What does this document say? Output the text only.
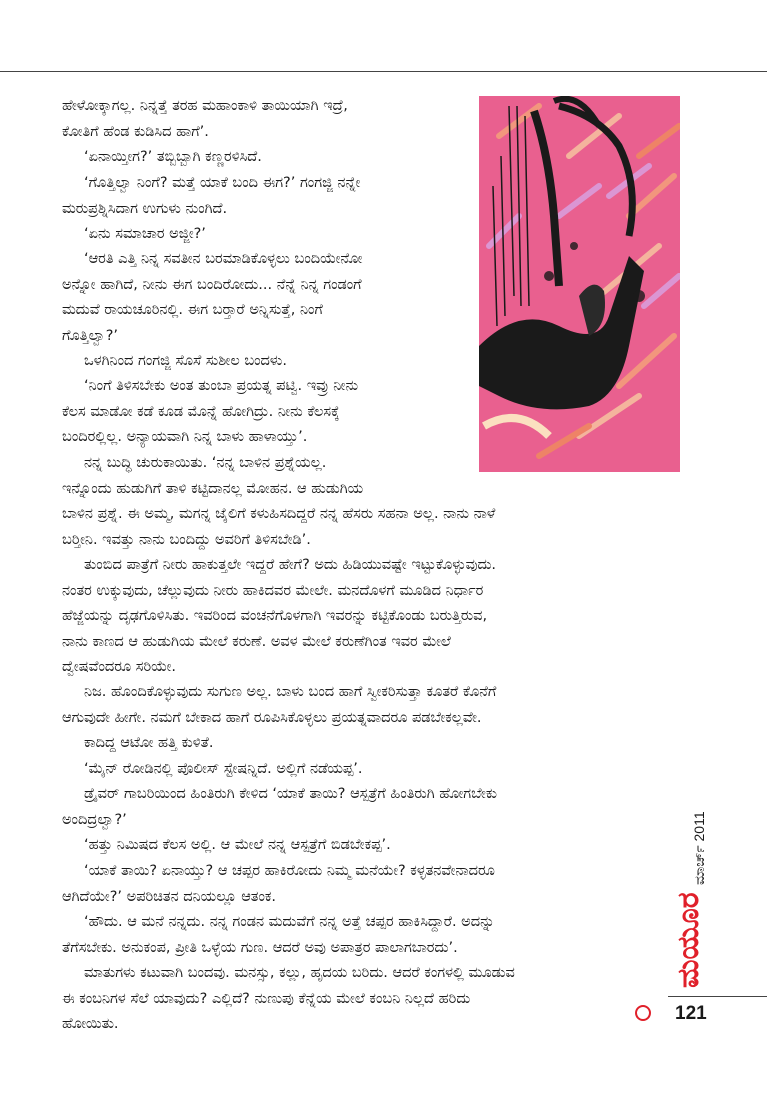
ಹೇಳೋಕ್ಕಾಗಲ್ಲ. ನಿನ್ನತ್ತೆ ತರಹ ಮಹಾಂಕಾಳಿ ತಾಯಿಯಾಗಿ ಇದ್ರೆ,
ಕೋತಿಗೆ ಹೆಂಡ ಕುಡಿಸಿದ ಹಾಗೆ’.

‘ಏನಾಯ್ತೀಗ?’ ತಬ್ಬಿಬ್ಬಾಗಿ ಕಣ್ಣರಳಿಸಿದೆ.

‘ಗೊತ್ತಿಲ್ವಾ ನಿಂಗೆ? ಮತ್ತೆ ಯಾಕೆ ಬಂದಿ ಈಗ?’ ಗಂಗಜ್ಜಿ ನನ್ನೇ
ಮರುಪ್ರಶ್ನಿಸಿದಾಗ ಉಗುಳು ನುಂಗಿದೆ.

‘ಏನು ಸಮಾಚಾರ ಅಜ್ಜೀ?’

‘ಆರತಿ ಎತ್ತಿ ನಿನ್ನ ಸವತೀನ ಬರಮಾಡಿಕೊಳ್ಳಲು ಬಂದಿಯೇನೋ
ಅನ್ನೋ ಹಾಗಿದೆ, ನೀನು ಈಗ ಬಂದಿರೋದು... ನೆನ್ನೆ ನಿನ್ನ ಗಂಡಂಗೆ
ಮದುವೆ ರಾಯಚೂರಿನಲ್ಲಿ. ಈಗ ಬರ್‍ತಾರೆ ಅನ್ನಿಸುತ್ತೆ, ನಿಂಗೆ
ಗೊತ್ತಿಲ್ವಾ?’

ಒಳಗಿನಿಂದ ಗಂಗಜ್ಜಿ ಸೊಸೆ ಸುಶೀಲ ಬಂದಳು.

‘ನಿಂಗೆ ತಿಳಿಸಬೇಕು ಅಂತ ತುಂಬಾ ಪ್ರಯತ್ನ ಪಟ್ವಿ. ಇವ್ರು ನೀನು
ಕೆಲಸ ಮಾಡೋ ಕಡೆ ಕೂಡ ಮೊನ್ನೆ ಹೋಗಿದ್ರು. ನೀನು ಕೆಲಸಕ್ಕೆ
ಬಂದಿರಲ್ಲಿಲ್ಲ. ಅನ್ಯಾಯವಾಗಿ ನಿನ್ನ ಬಾಳು ಹಾಳಾಯ್ತು’.

ನನ್ನ ಬುದ್ಧಿ ಚುರುಕಾಯಿತು. ‘ನನ್ನ ಬಾಳಿನ ಪ್ರಶ್ನೆಯಲ್ಲ.
ಇನ್ನೊಂದು ಹುಡುಗಿಗೆ ತಾಳಿ ಕಟ್ಟಿದಾನಲ್ಲ ಮೋಹನ. ಆ ಹುಡುಗಿಯ
ಬಾಳಿನ ಪ್ರಶ್ನೆ. ಈ ಅಮ್ಮ, ಮಗನ್ನ ಜೈಲಿಗೆ ಕಳುಹಿಸದಿದ್ದರೆ ನನ್ನ ಹೆಸರು ಸಹನಾ ಅಲ್ಲ. ನಾನು ನಾಳೆ
ಬರ್‍ತೀನಿ. ಇವತ್ತು ನಾನು ಬಂದಿದ್ದು ಅವರಿಗೆ ತಿಳಿಸಬೇಡಿ’.

ತುಂಬಿದ ಪಾತ್ರೆಗೆ ನೀರು ಹಾಕುತ್ತಲೇ ಇದ್ದರೆ ಹೇಗೆ? ಅದು ಹಿಡಿಯುವಷ್ಟೇ ಇಟ್ಟುಕೊಳ್ಳುವುದು.
ನಂತರ ಉಕ್ಕುವುದು, ಚೆಲ್ಲುವುದು ನೀರು ಹಾಕಿದವರ ಮೇಲೇ. ಮನದೊಳಗೆ ಮೂಡಿದ ನಿರ್ಧಾರ
ಹೆಜ್ಜೆಯನ್ನು ದೃಢಗೊಳಿಸಿತು. ಇವರಿಂದ ವಂಚನೆಗೊಳಗಾಗಿ ಇವರನ್ನು ಕಟ್ಟಿಕೊಂಡು ಬರುತ್ತಿರುವ,
ನಾನು ಕಾಣದ ಆ ಹುಡುಗಿಯ ಮೇಲೆ ಕರುಣೆ. ಅವಳ ಮೇಲೆ ಕರುಣೆಗಿಂತ ಇವರ ಮೇಲೆ
ದ್ವೇಷವೆಂದರೂ ಸರಿಯೇ.

ನಿಜ. ಹೊಂದಿಕೊಳ್ಳುವುದು ಸುಗುಣ ಅಲ್ಲ. ಬಾಳು ಬಂದ ಹಾಗೆ ಸ್ವೀಕರಿಸುತ್ತಾ ಕೂತರೆ ಕೊನೆಗೆ
ಆಗುವುದೇ ಹೀಗೇ. ನಮಗೆ ಬೇಕಾದ ಹಾಗೆ ರೂಪಿಸಿಕೊಳ್ಳಲು ಪ್ರಯತ್ನವಾದರೂ ಪಡಬೇಕಲ್ಲವೇ.

ಕಾದಿದ್ದ ಆಟೋ ಹತ್ತಿ ಕುಳಿತೆ.

‘ಮೈನ್ ರೋಡಿನಲ್ಲಿ ಪೊಲೀಸ್ ಸ್ಟೇಷನ್ನಿದೆ. ಅಲ್ಲಿಗೆ ನಡೆಯಪ್ಪ’.

ಡ್ರೈವರ್ ಗಾಬರಿಯಿಂದ ಹಿಂತಿರುಗಿ ಕೇಳಿದ ‘ಯಾಕೆ ತಾಯಿ? ಆಸ್ಪತ್ರೆಗೆ ಹಿಂತಿರುಗಿ ಹೋಗಬೇಕು
ಅಂದಿದ್ರಲ್ವಾ?’

‘ಹತ್ತು ನಿಮಿಷದ ಕೆಲಸ ಅಲ್ಲಿ. ಆ ಮೇಲೆ ನನ್ನ ಆಸ್ಪತ್ರೆಗೆ ಬಿಡಬೇಕಪ್ಪ’.

‘ಯಾಕೆ ತಾಯಿ? ಏನಾಯ್ತು? ಆ ಚಪ್ಪರ ಹಾಕಿರೋದು ನಿಮ್ಮ ಮನೆಯೇ? ಕಳ್ಳತನವೇನಾದರೂ
ಆಗಿದೆಯೇ?’ ಅಪರಿಚಿತನ ದನಿಯಲ್ಲೂ ಆತಂಕ.

‘ಹೌದು. ಆ ಮನೆ ನನ್ನದು. ನನ್ನ ಗಂಡನ ಮದುವೆಗೆ ನನ್ನ ಅತ್ತೆ ಚಪ್ಪರ ಹಾಕಿಸಿದ್ದಾರೆ. ಅದನ್ನು
ತೆಗೆಸಬೇಕು. ಅನುಕಂಪ, ಪ್ರೀತಿ ಒಳ್ಳೆಯ ಗುಣ. ಆದರೆ ಅವು ಅಪಾತ್ರರ ಪಾಲಾಗಬಾರದು’.

ಮಾತುಗಳು ಕಟುವಾಗಿ ಬಂದವು. ಮನಸ್ಸು, ಕಲ್ಲು, ಹೃದಯ ಬರಿದು. ಆದರೆ ಕಂಗಳಲ್ಲಿ ಮೂಡುವ
ಈ ಕಂಬನಿಗಳ ಸೆಲೆ ಯಾವುದು? ಎಲ್ಲಿದೆ? ನುಣುಪು ಕೆನ್ನೆಯ ಮೇಲೆ ಕಂಬನಿ ನಿಲ್ಲದೆ ಹರಿದು
ಹೋಯಿತು.

ಮಾರ್ಚ್ 2011
ಮಯೂರ
121
